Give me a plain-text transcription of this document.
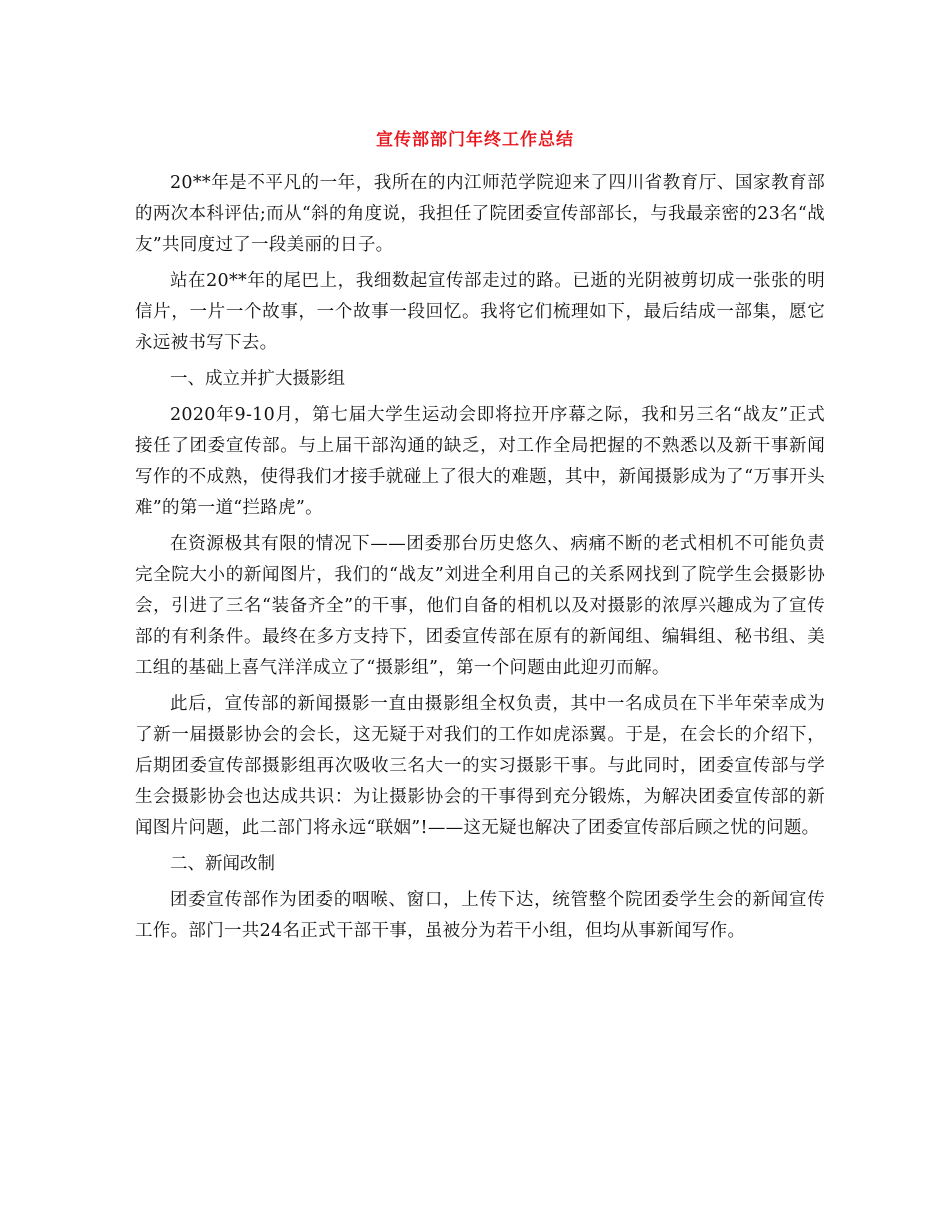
宣传部部门年终工作总结

20**年是不平凡的一年，我所在的内江师范学院迎来了四川省教育厅、国家教育部的两次本科评估;而从“斜的角度说，我担任了院团委宣传部部长，与我最亲密的23名“战友”共同度过了一段美丽的日子。

站在20**年的尾巴上，我细数起宣传部走过的路。已逝的光阴被剪切成一张张的明信片，一片一个故事，一个故事一段回忆。我将它们梳理如下，最后结成一部集，愿它永远被书写下去。

一、成立并扩大摄影组

2020年9-10月，第七届大学生运动会即将拉开序幕之际，我和另三名“战友”正式接任了团委宣传部。与上届干部沟通的缺乏，对工作全局把握的不熟悉以及新干事新闻写作的不成熟，使得我们才接手就碰上了很大的难题，其中，新闻摄影成为了“万事开头难”的第一道“拦路虎”。

在资源极其有限的情况下——团委那台历史悠久、病痛不断的老式相机不可能负责完全院大小的新闻图片，我们的“战友”刘进全利用自己的关系网找到了院学生会摄影协会，引进了三名“装备齐全”的干事，他们自备的相机以及对摄影的浓厚兴趣成为了宣传部的有利条件。最终在多方支持下，团委宣传部在原有的新闻组、编辑组、秘书组、美工组的基础上喜气洋洋成立了“摄影组”，第一个问题由此迎刃而解。

此后，宣传部的新闻摄影一直由摄影组全权负责，其中一名成员在下半年荣幸成为了新一届摄影协会的会长，这无疑于对我们的工作如虎添翼。于是，在会长的介绍下，后期团委宣传部摄影组再次吸收三名大一的实习摄影干事。与此同时，团委宣传部与学生会摄影协会也达成共识：为让摄影协会的干事得到充分锻炼，为解决团委宣传部的新闻图片问题，此二部门将永远“联姻”!——这无疑也解决了团委宣传部后顾之忧的问题。

二、新闻改制

团委宣传部作为团委的咽喉、窗口，上传下达，统管整个院团委学生会的新闻宣传工作。部门一共24名正式干部干事，虽被分为若干小组，但均从事新闻写作。
